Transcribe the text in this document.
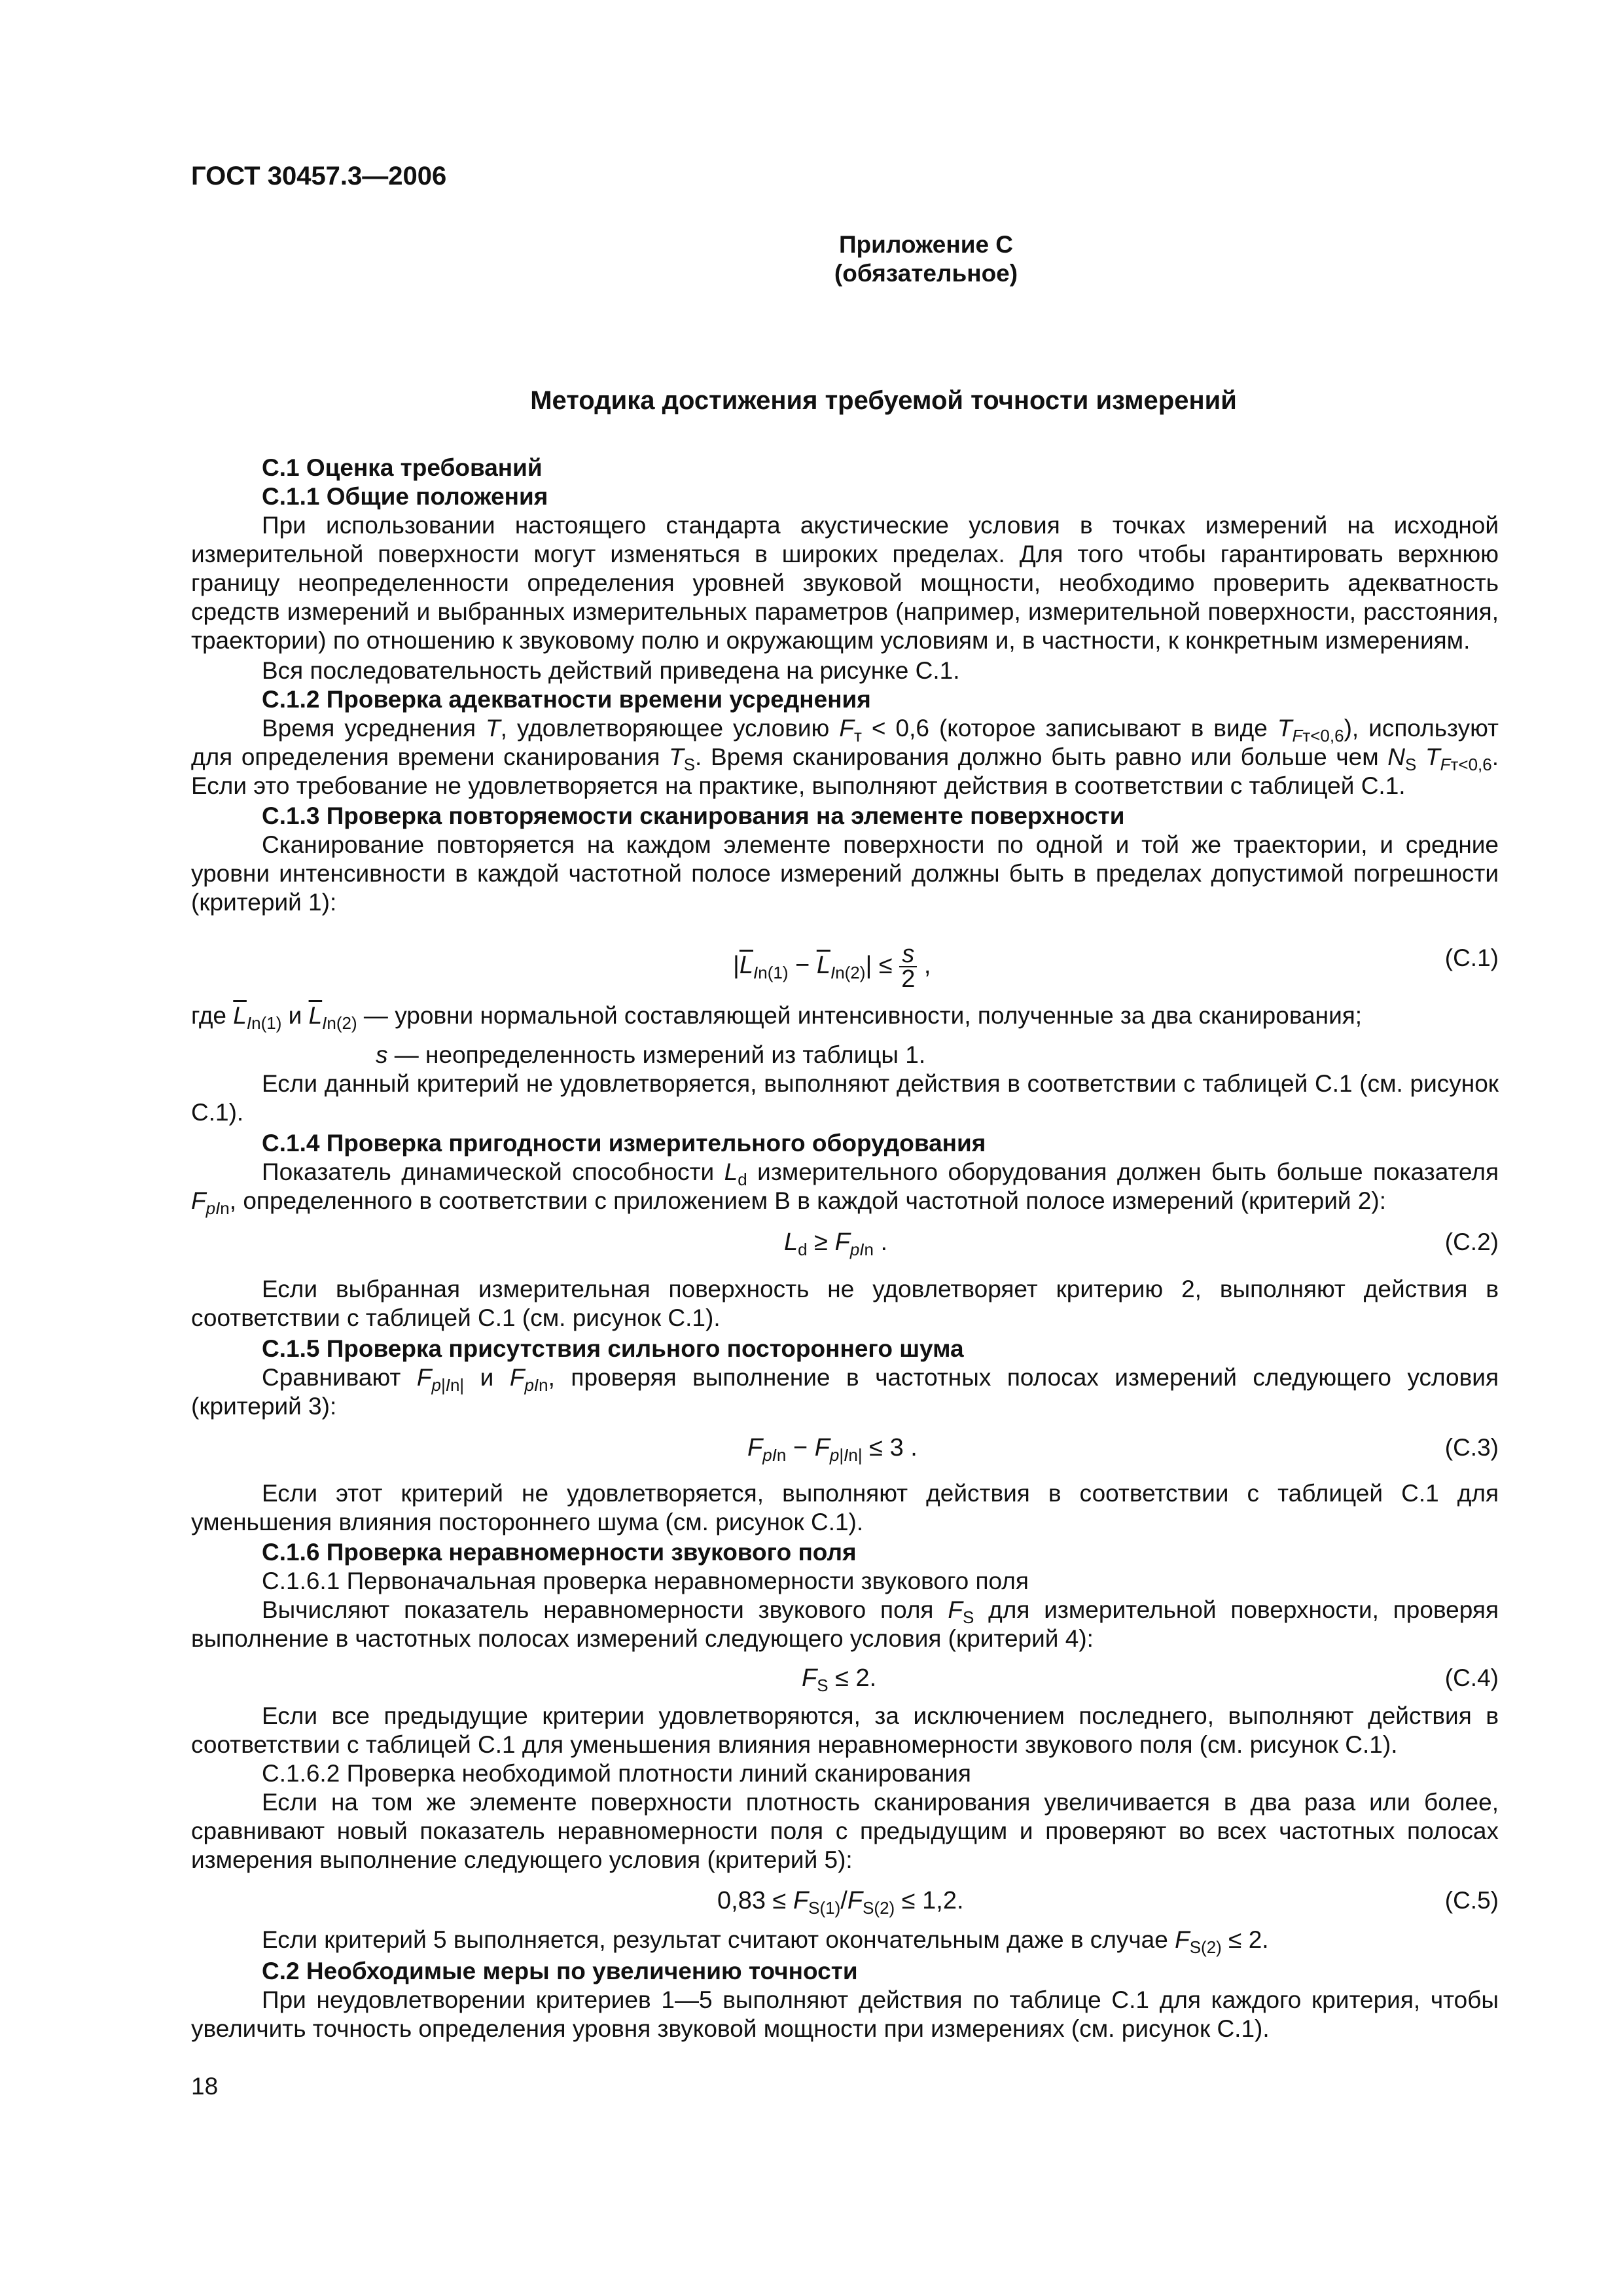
ГОСТ 30457.3—2006
Приложение С
(обязательное)
Методика достижения требуемой точности измерений
С.1 Оценка требований
С.1.1 Общие положения
При использовании настоящего стандарта акустические условия в точках измерений на исходной измерительной поверхности могут изменяться в широких пределах. Для того чтобы гарантировать верхнюю границу неопределенности определения уровней звуковой мощности, необходимо проверить адекватность средств измерений и выбранных измерительных параметров (например, измерительной поверхности, расстояния, траектории) по отношению к звуковому полю и окружающим условиям и, в частности, к конкретным измерениям.
Вся последовательность действий приведена на рисунке С.1.
С.1.2 Проверка адекватности времени усреднения
Время усреднения T, удовлетворяющее условию $F_т < 0,6$ (которое записывают в виде $T_{Fт<0,6}$), используют для определения времени сканирования $T_S$. Время сканирования должно быть равно или больше чем $N_S$ $T_{Fт<0,6}$. Если это требование не удовлетворяется на практике, выполняют действия в соответствии с таблицей С.1.
С.1.3 Проверка повторяемости сканирования на элементе поверхности
Сканирование повторяется на каждом элементе поверхности по одной и той же траектории, и средние уровни интенсивности в каждой частотной полосе измерений должны быть в пределах допустимой погрешности (критерий 1):
$|\overline{L}_{In(1)} - \overline{L}_{In(2)}| \le \frac{s}{2}$ ,	(С.1)
где $\overline{L}_{In(1)}$ и $\overline{L}_{In(2)}$ — уровни нормальной составляющей интенсивности, полученные за два сканирования;
s — неопределенность измерений из таблицы 1.
Если данный критерий не удовлетворяется, выполняют действия в соответствии с таблицей С.1 (см. рисунок С.1).
С.1.4 Проверка пригодности измерительного оборудования
Показатель динамической способности $L_d$ измерительного оборудования должен быть больше показателя $F_{pIn}$, определенного в соответствии с приложением В в каждой частотной полосе измерений (критерий 2):
$L_d \ge F_{pIn}$ .	(С.2)
Если выбранная измерительная поверхность не удовлетворяет критерию 2, выполняют действия в соответствии с таблицей С.1 (см. рисунок С.1).
С.1.5 Проверка присутствия сильного постороннего шума
Сравнивают $F_{p|In|}$ и $F_{pIn}$, проверяя выполнение в частотных полосах измерений следующего условия (критерий 3):
$F_{pIn} - F_{p|In|} \le 3$ .	(С.3)
Если этот критерий не удовлетворяется, выполняют действия в соответствии с таблицей С.1 для уменьшения влияния постороннего шума (см. рисунок С.1).
С.1.6 Проверка неравномерности звукового поля
С.1.6.1 Первоначальная проверка неравномерности звукового поля
Вычисляют показатель неравномерности звукового поля $F_S$ для измерительной поверхности, проверяя выполнение в частотных полосах измерений следующего условия (критерий 4):
$F_S \le 2$.	(С.4)
Если все предыдущие критерии удовлетворяются, за исключением последнего, выполняют действия в соответствии с таблицей С.1 для уменьшения влияния неравномерности звукового поля (см. рисунок С.1).
С.1.6.2 Проверка необходимой плотности линий сканирования
Если на том же элементе поверхности плотность сканирования увеличивается в два раза или более, сравнивают новый показатель неравномерности поля с предыдущим и проверяют во всех частотных полосах измерения выполнение следующего условия (критерий 5):
$0,83 \le F_{S(1)}/F_{S(2)} \le 1,2$.	(С.5)
Если критерий 5 выполняется, результат считают окончательным даже в случае $F_{S(2)} \le 2$.
С.2 Необходимые меры по увеличению точности
При неудовлетворении критериев 1—5 выполняют действия по таблице С.1 для каждого критерия, чтобы увеличить точность определения уровня звуковой мощности при измерениях (см. рисунок С.1).
18
